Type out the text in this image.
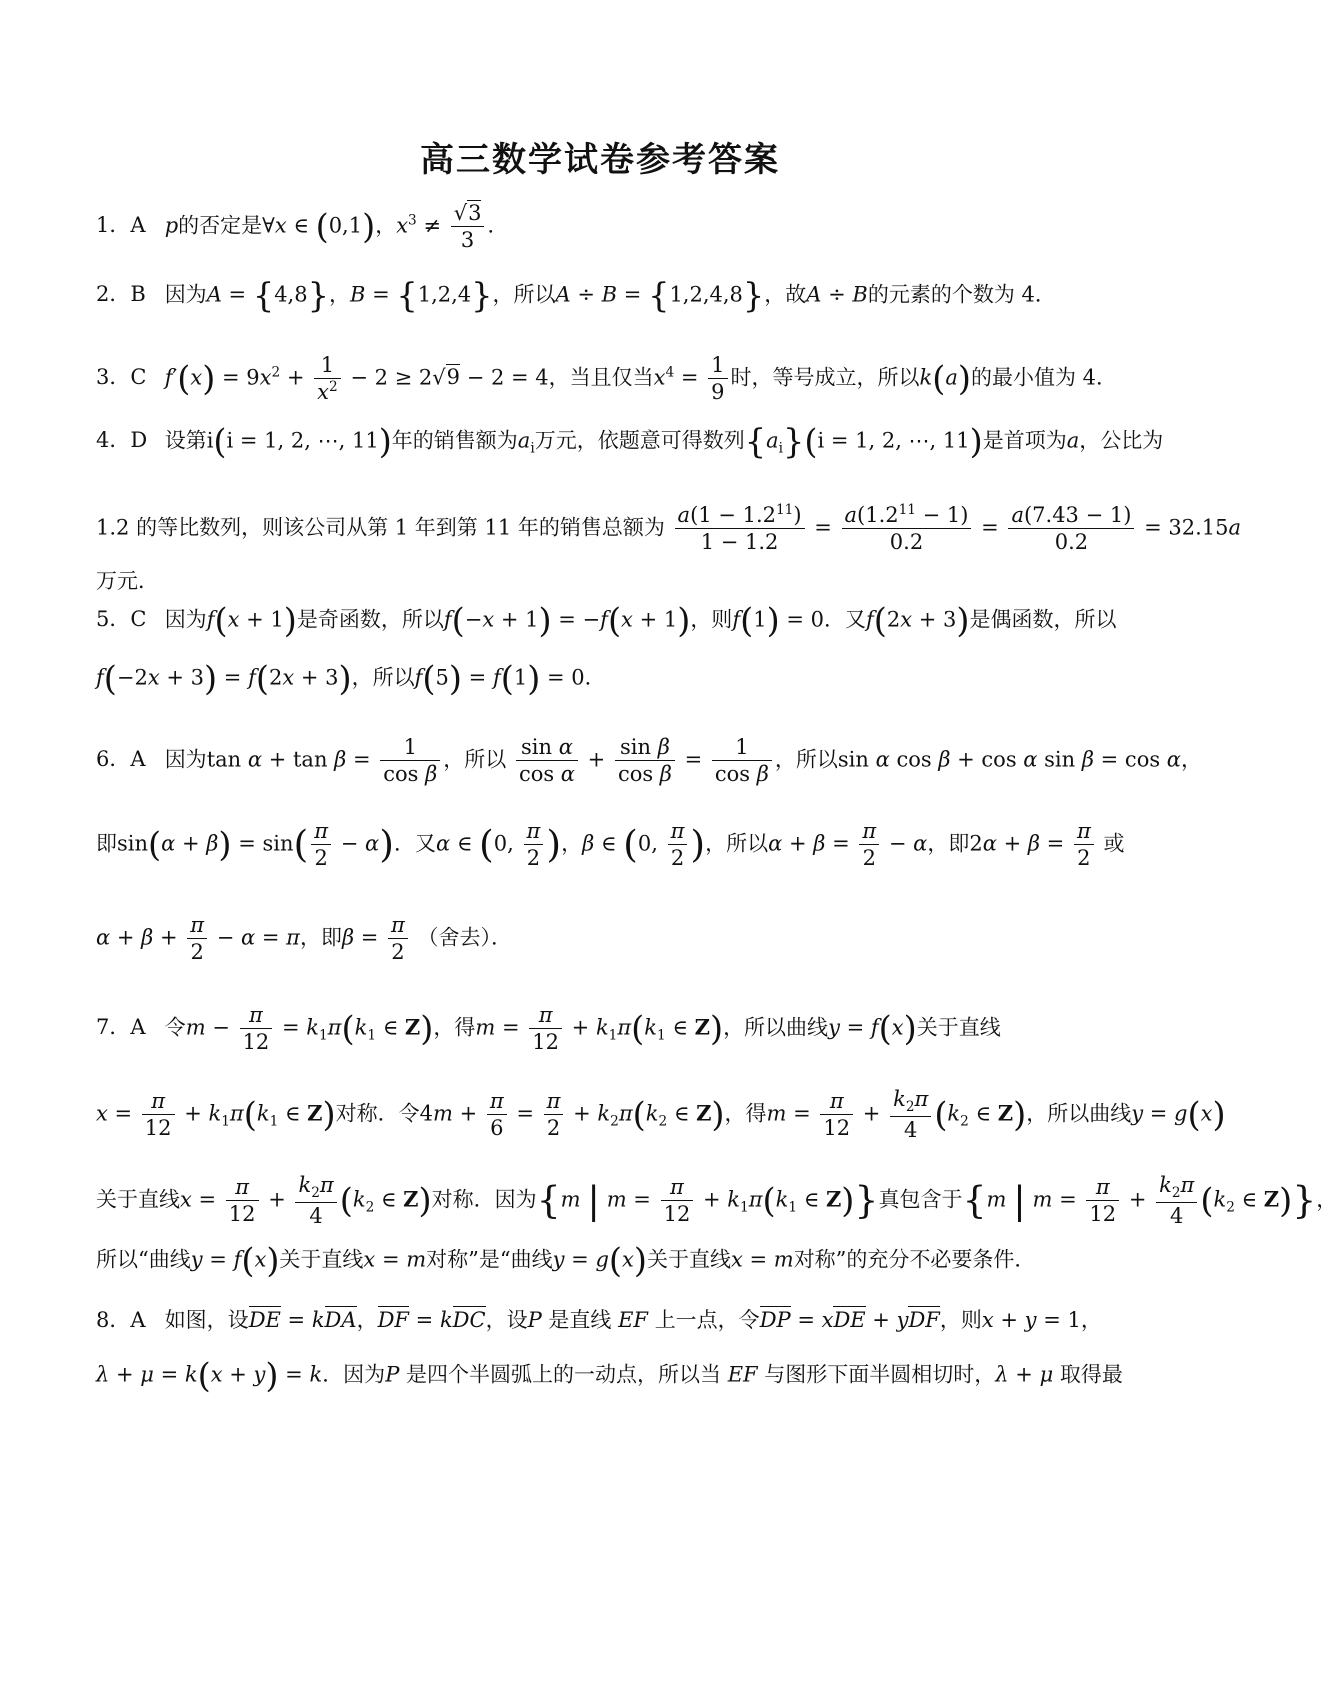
高三数学试卷参考答案
1．A p的否定是∀x ∈ (0,1)，$x^3 \ne \frac{√3}{3}$ ．
2．B 因为A = {4,8}，B = {1,2,4}，所以A ÷ B = {1,2,4,8}，故A ÷ B的元素的个数为 4．
3．C $f'(x) = 9x^2 + \frac{1}{x^2} - 2 \ge 2√9 - 2 = 4$，当且仅当$x^4 = \frac{1}{9}$ 时，等号成立，所以k(a)的最小值为 4．
4．D 设第i(i = 1, 2, ⋯, 11)年的销售额为$a_i$万元，依题意可得数列$\{a_i\}(i = 1$, 2, ⋯, 11)是首项为a，公比为
1.2 的等比数列，则该公司从第 1 年到第 11 年的销售总额为 $\frac{a(1 - 1.2^{11})}{1 - 1.2} = \frac{a(1.2^{11} - 1)}{0.2} = \frac{a(7.43 - 1)}{0.2} = 32.15a$
万元．
5．C 因为f(x + 1)是奇函数，所以f(−x + 1) = −f(x + 1)，则f(1) = 0．又f(2x + 3)是偶函数，所以
f(−2x + 3) = f(2x + 3)，所以f(5) = f(1) = 0．
6．A 因为$\tan \alpha + \tan \beta = \frac{1}{\text{cos β}}$ ，所以 $\frac{\text{sin α}}{\text{cos α}} + \frac{\text{sin β}}{\text{cos β}} = \frac{1}{\text{cos β}}$ ，所以sin α cos β + cos α sin β = cos α，
即$\sin(\alpha + \beta) = \sin( \frac{\pi}{2} - \alpha)$．又α ∈ (0, $\frac{\pi}{2}$ )，β ∈ (0, $\frac{\pi}{2}$ )，所以$\alpha + \beta = \frac{\pi}{2} - \alpha$，即$2\alpha + \beta = \frac{\pi}{2}$ 或
$\alpha + \beta + \frac{\pi}{2} - \alpha = \pi$，即$\beta = \frac{\pi}{2}$ （舍去）．
7．A 令$m - \frac{\pi}{12} = k_1\pi(k_1$ ∈ Z)，得$m = \frac{\pi}{12} + k_1\pi(k_1$ ∈ Z)，所以曲线y = f(x)关于直线
$x = \frac{\pi}{12} + k_1\pi(k_1$ ∈ Z)对称．令$4m + \frac{\pi}{6} = \frac{\pi}{2} + k_2\pi(k_2$ ∈ Z)，得$m = \frac{\pi}{12} + \frac{k_2\pi}{4} (k_2$ ∈ Z)，所以曲线y = g(x)
关于直线$x = \frac{\pi}{12} + \frac{k_2\pi}{4} (k_2$ ∈ Z)对称．因为{m | $m = \frac{\pi}{12} + k_1\pi(k_1$ ∈ Z)}真包含于{m | $m = \frac{\pi}{12} + \frac{k_2\pi}{4} (k_2$ ∈ Z)}，
所以“曲线y = f(x)关于直线x = m对称”是“曲线y = g(x)关于直线x = m对称”的充分不必要条件．
8．A 如图，设DE = kDA，DF = kDC，设P 是直线 EF 上一点，令DP = xDE + yDF，则x + y = 1，
λ + μ = k(x + y) = k．因为P 是四个半圆弧上的一动点，所以当 EF 与图形下面半圆相切时，λ + μ 取得最
